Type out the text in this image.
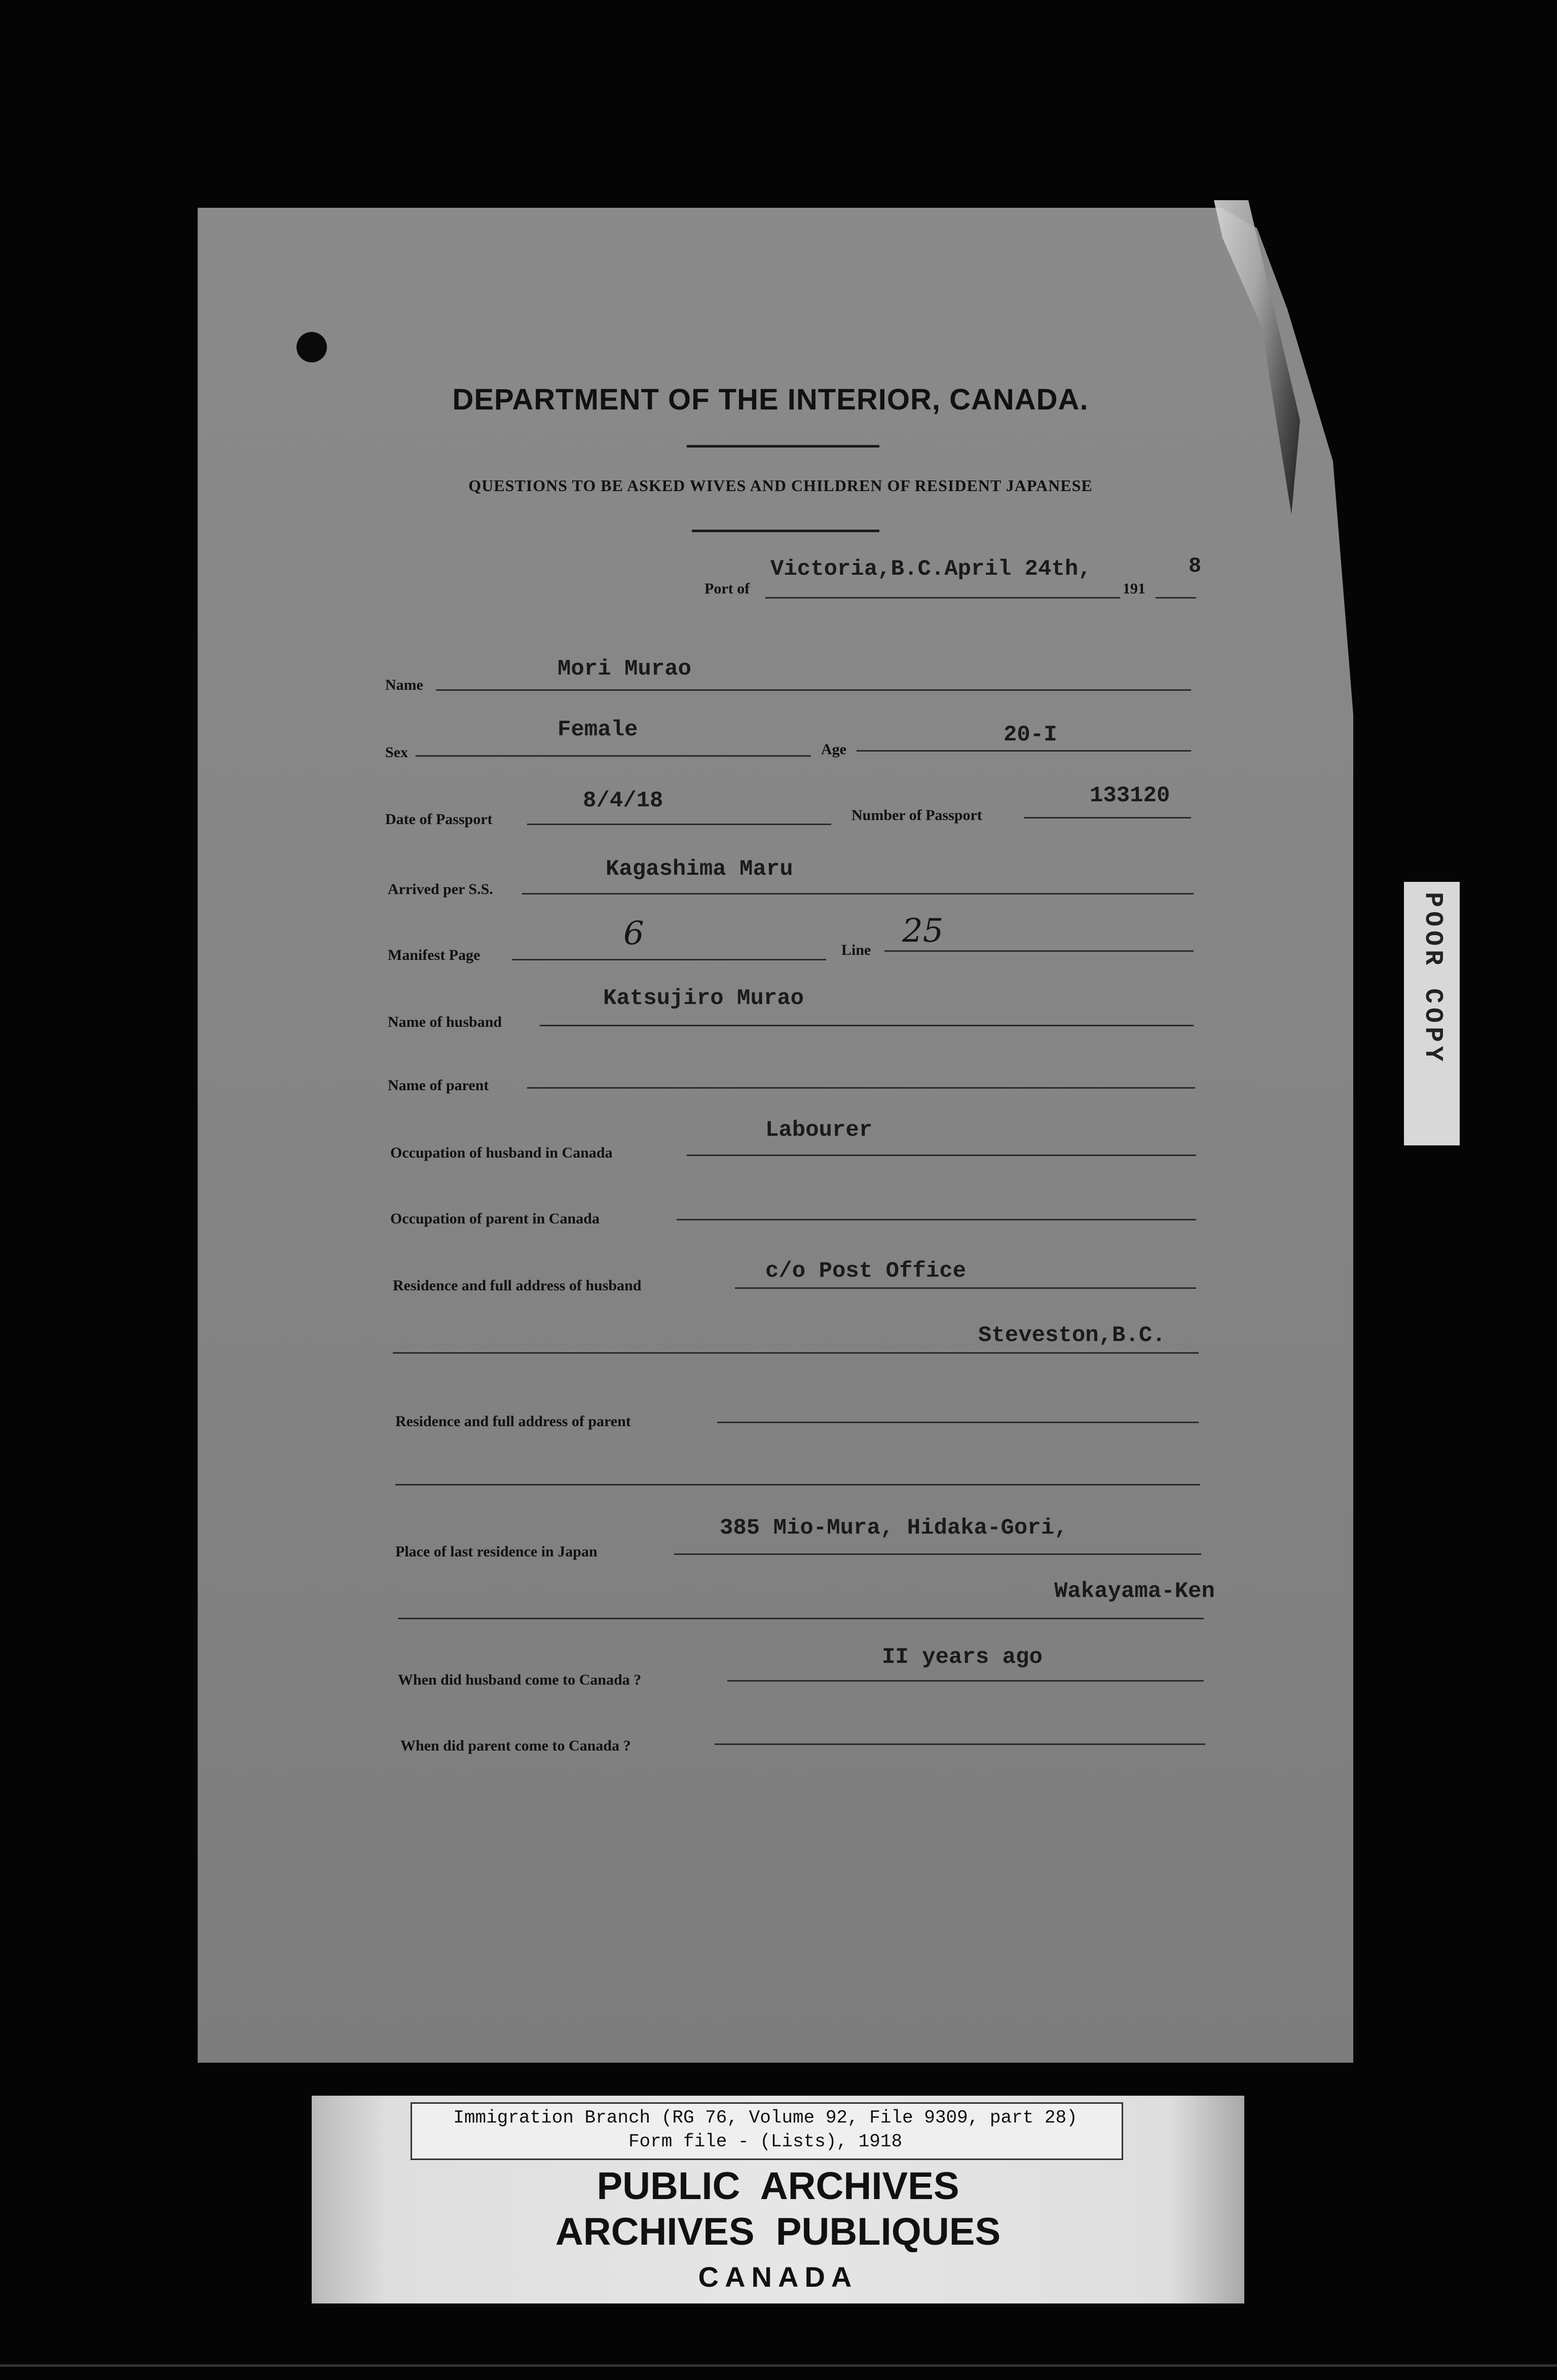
DEPARTMENT OF THE INTERIOR, CANADA.
QUESTIONS TO BE ASKED WIVES AND CHILDREN OF RESIDENT JAPANESE
Port of
Victoria,B.C.April 24th,
191
8
Name
Mori Murao
Sex
Female
Age
20-I
Date of Passport
8/4/18
Number of Passport
133120
Arrived per S.S.
Kagashima Maru
Manifest Page
6	Line
25
Name of husband
Katsujiro Murao
Name of parent
Occupation of husband in Canada
Labourer
Occupation of parent in Canada
Residence and full address of husband
c/o Post Office
Steveston,B.C.
Residence and full address of parent
Place of last residence in Japan
385 Mio-Mura, Hidaka-Gori,
Wakayama-Ken
When did husband come to Canada ?
II years ago
When did parent come to Canada ?
POOR COPY
Immigration Branch (RG 76, Volume 92, File 9309, part 28)
Form file - (Lists), 1918
PUBLIC  ARCHIVES
ARCHIVES  PUBLIQUES
CANADA
